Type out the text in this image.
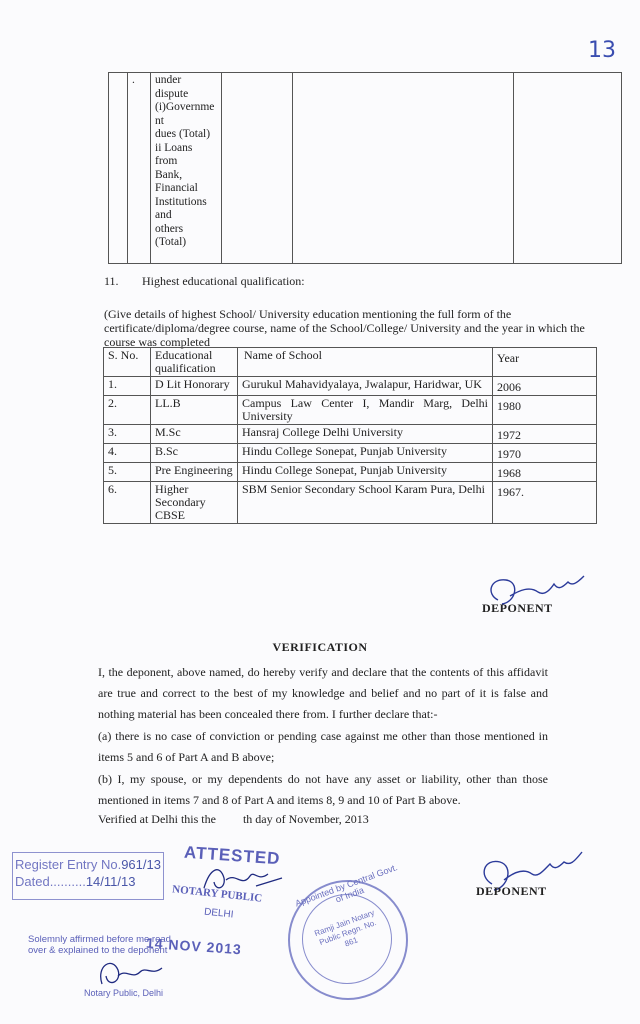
13
	.	under
dispute
(i)Governme
nt
dues (Total)
ii Loans
from
Bank,
Financial
Institutions
and
others
(Total)			
11. Highest educational qualification:
(Give details of highest School/ University education mentioning the full form of the certificate/diploma/degree course, name of the School/College/ University and the year in which the course was completed
S. No.	Educational qualification	Name of School	Year
1.	D Lit Honorary	Gurukul Mahavidyalaya, Jwalapur, Haridwar, UK	2006
2.	LL.B	Campus Law Center I, Mandir Marg, Delhi University	1980
3.	M.Sc	Hansraj College Delhi University	1972
4.	B.Sc	Hindu College Sonepat, Punjab University	1970
5.	Pre Engineering	Hindu College Sonepat, Punjab University	1968
6.	Higher Secondary CBSE	SBM Senior Secondary School Karam Pura, Delhi	1967.
DEPONENT
VERIFICATION
I, the deponent, above named, do hereby verify and declare that the contents of this affidavit are true and correct to the best of my knowledge and belief and no part of it is false and nothing material has been concealed there from. I further declare that:-
(a) there is no case of conviction or pending case against me other than those mentioned in items 5 and 6 of Part A and B above;
(b) I, my spouse, or my dependents do not have any asset or liability, other than those mentioned in items 7 and 8 of Part A and items 8, 9 and 10 of Part B above.
Verified at Delhi this the         th day of November, 2013
DEPONENT
Register Entry No.961/13
Dated..........14/11/13
ATTESTED
NOTARY PUBLIC
DELHI
14 NOV 2013
Solemnly affirmed before me read over & explained to the deponent
Notary Public, Delhi
Appointed by Central Govt. of India
Ramji Jain Notary Public Regn. No. 861
